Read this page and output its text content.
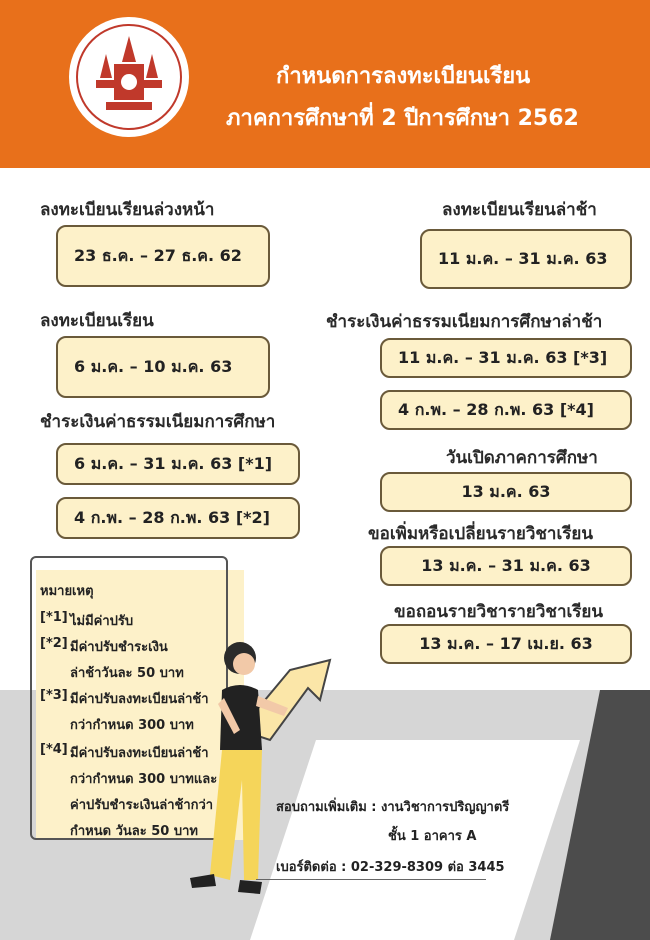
กำหนดการลงทะเบียนเรียน
ภาคการศึกษาที่ 2 ปีการศึกษา 2562
ลงทะเบียนเรียนล่วงหน้า
23 ธ.ค. – 27 ธ.ค. 62
ลงทะเบียนเรียน
6 ม.ค. – 10 ม.ค. 63
ชำระเงินค่าธรรมเนียมการศึกษา
6 ม.ค. – 31 ม.ค. 63 [*1]
4 ก.พ. – 28 ก.พ. 63 [*2]
ลงทะเบียนเรียนล่าช้า
11 ม.ค. – 31 ม.ค. 63
ชำระเงินค่าธรรมเนียมการศึกษาล่าช้า
11 ม.ค. – 31 ม.ค. 63 [*3]
4 ก.พ. – 28 ก.พ. 63 [*4]
วันเปิดภาคการศึกษา
13 ม.ค. 63
ขอเพิ่มหรือเปลี่ยนรายวิชาเรียน
13 ม.ค. – 31 ม.ค. 63
ขอถอนรายวิชารายวิชาเรียน
13 ม.ค. – 17 เม.ย. 63
หมายเหตุ
[*1] ไม่มีค่าปรับ
[*2] มีค่าปรับชำระเงิน
ล่าช้าวันละ 50 บาท
[*3] มีค่าปรับลงทะเบียนล่าช้า
กว่ากำหนด 300 บาท
[*4] มีค่าปรับลงทะเบียนล่าช้า
กว่ากำหนด 300 บาทและ
ค่าปรับชำระเงินล่าช้ากว่า
กำหนด วันละ 50 บาท
สอบถามเพิ่มเติม : งานวิชาการปริญญาตรี
ชั้น 1 อาคาร A
เบอร์ติดต่อ : 02-329-8309 ต่อ 3445
